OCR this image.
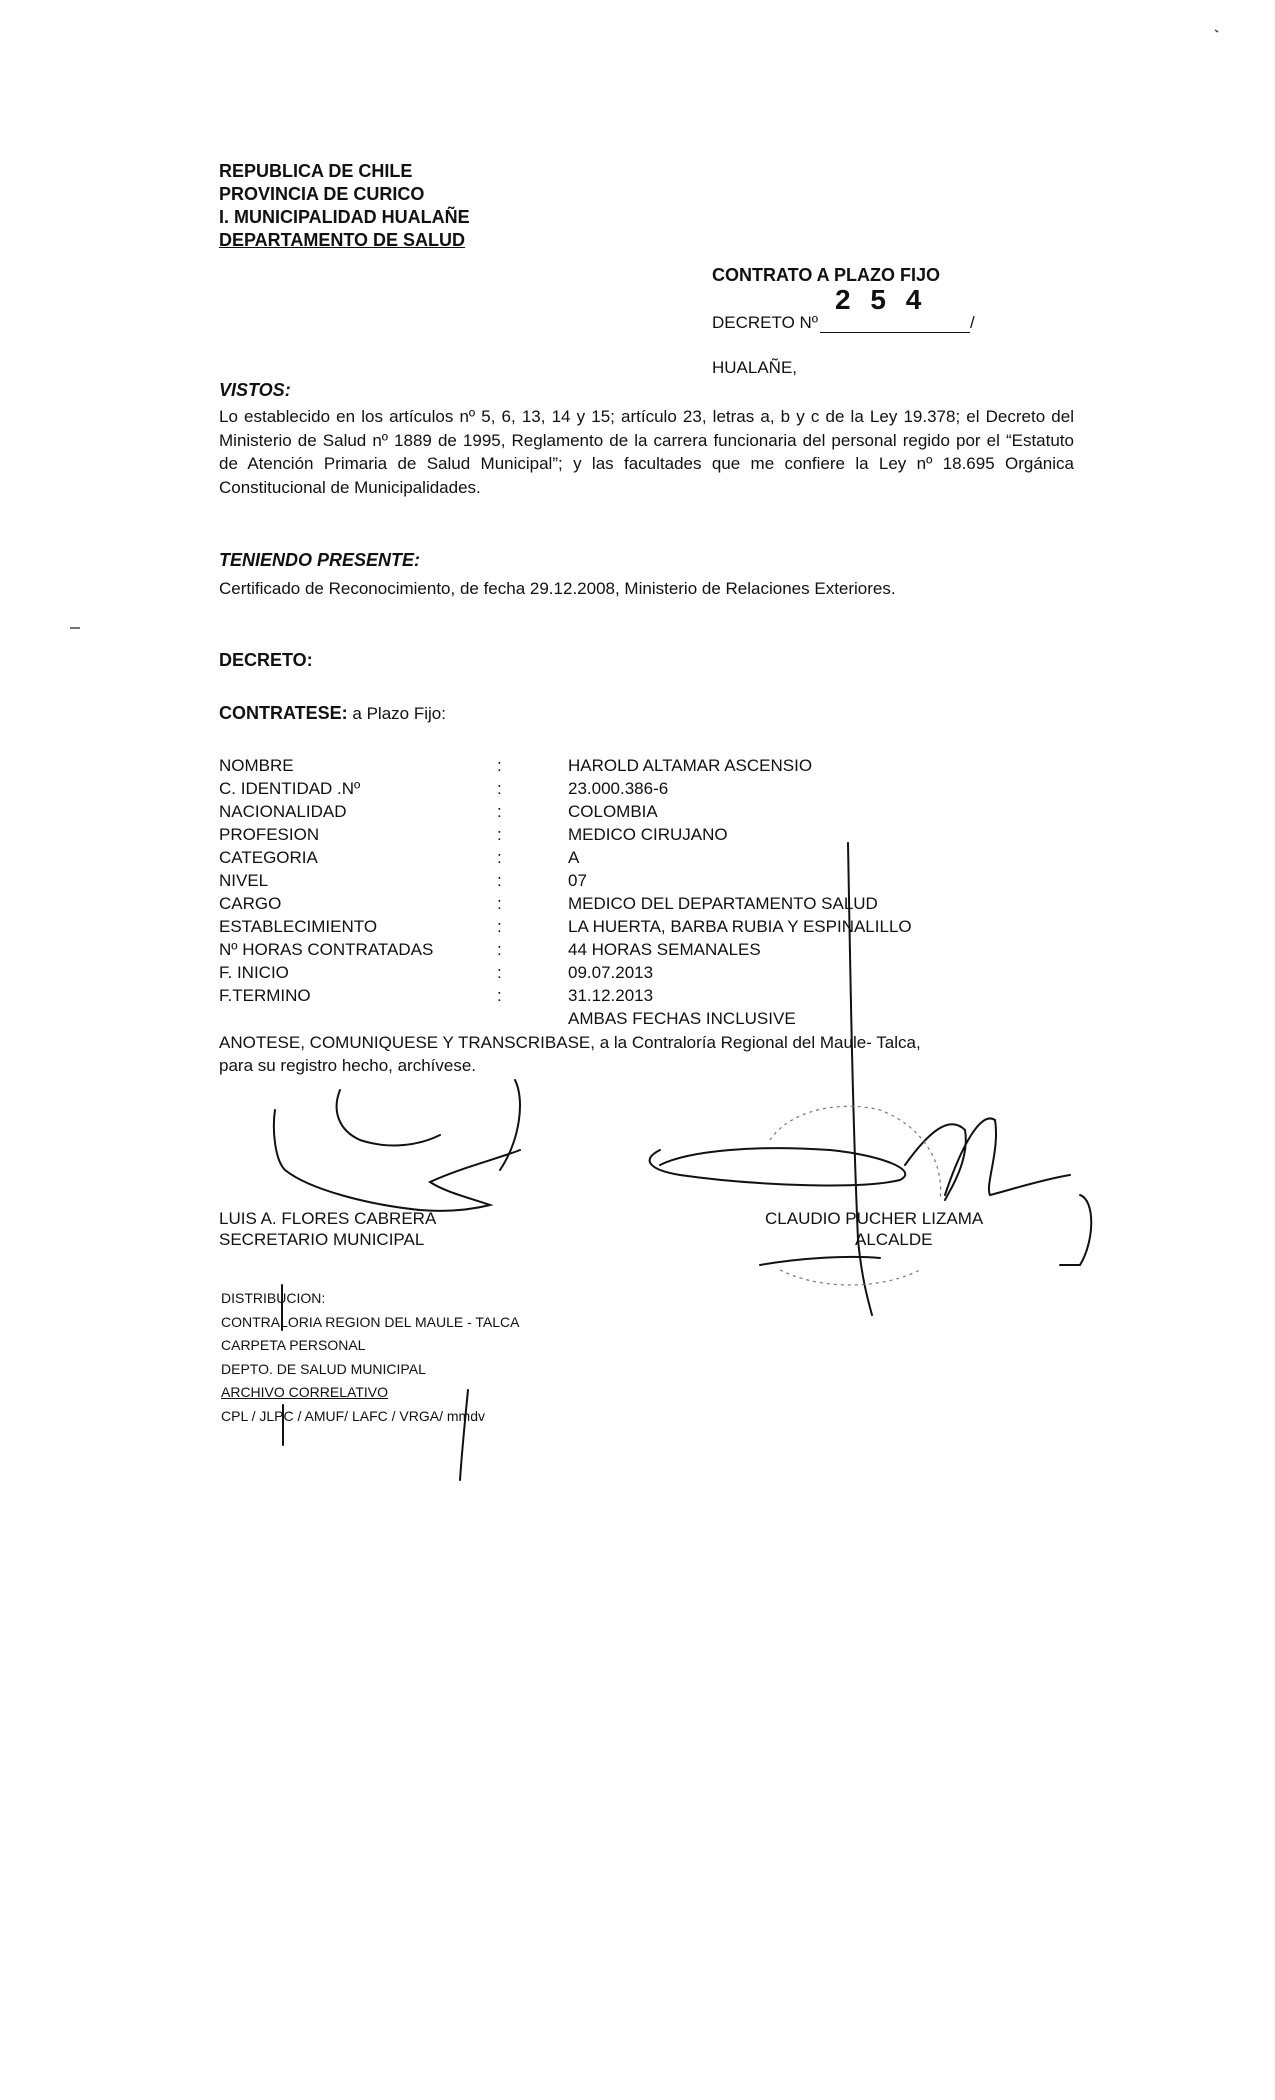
REPUBLICA DE CHILE
PROVINCIA DE CURICO
I. MUNICIPALIDAD HUALAÑE
DEPARTAMENTO DE SALUD
CONTRATO A PLAZO FIJO
2 5 4
DECRETO Nº	/
HUALAÑE,
VISTOS:
Lo establecido en los artículos nº 5, 6, 13, 14 y 15; artículo 23, letras a, b y c de la Ley 19.378; el Decreto del Ministerio de Salud nº 1889 de 1995, Reglamento de la carrera funcionaria del personal regido por el “Estatuto de Atención Primaria de Salud Municipal”; y las facultades que me confiere la Ley nº 18.695 Orgánica Constitucional de Municipalidades.
TENIENDO PRESENTE:
Certificado de Reconocimiento, de fecha 29.12.2008, Ministerio de Relaciones Exteriores.
DECRETO:
CONTRATESE: a Plazo Fijo:
NOMBRE	:	HAROLD ALTAMAR ASCENSIO
C. IDENTIDAD .Nº	:	23.000.386-6
NACIONALIDAD	:	COLOMBIA
PROFESION	:	MEDICO CIRUJANO
CATEGORIA	:	A
NIVEL	:	07
CARGO	:	MEDICO DEL DEPARTAMENTO SALUD
ESTABLECIMIENTO	:	LA HUERTA, BARBA RUBIA Y ESPINALILLO
Nº HORAS CONTRATADAS	:	44 HORAS SEMANALES
F. INICIO	:	09.07.2013
F.TERMINO	:	31.12.2013
AMBAS FECHAS INCLUSIVE
ANOTESE, COMUNIQUESE Y TRANSCRIBASE, a la Contraloría Regional del Maule- Talca,
para su registro hecho, archívese.
LUIS A. FLORES CABRERA
SECRETARIO MUNICIPAL
CLAUDIO PUCHER LIZAMA
ALCALDE
DISTRIBUCION:
CONTRALORIA REGION DEL MAULE - TALCA
CARPETA PERSONAL
DEPTO. DE SALUD MUNICIPAL
ARCHIVO CORRELATIVO
CPL / JLPC / AMUF/ LAFC / VRGA/ mmdv
